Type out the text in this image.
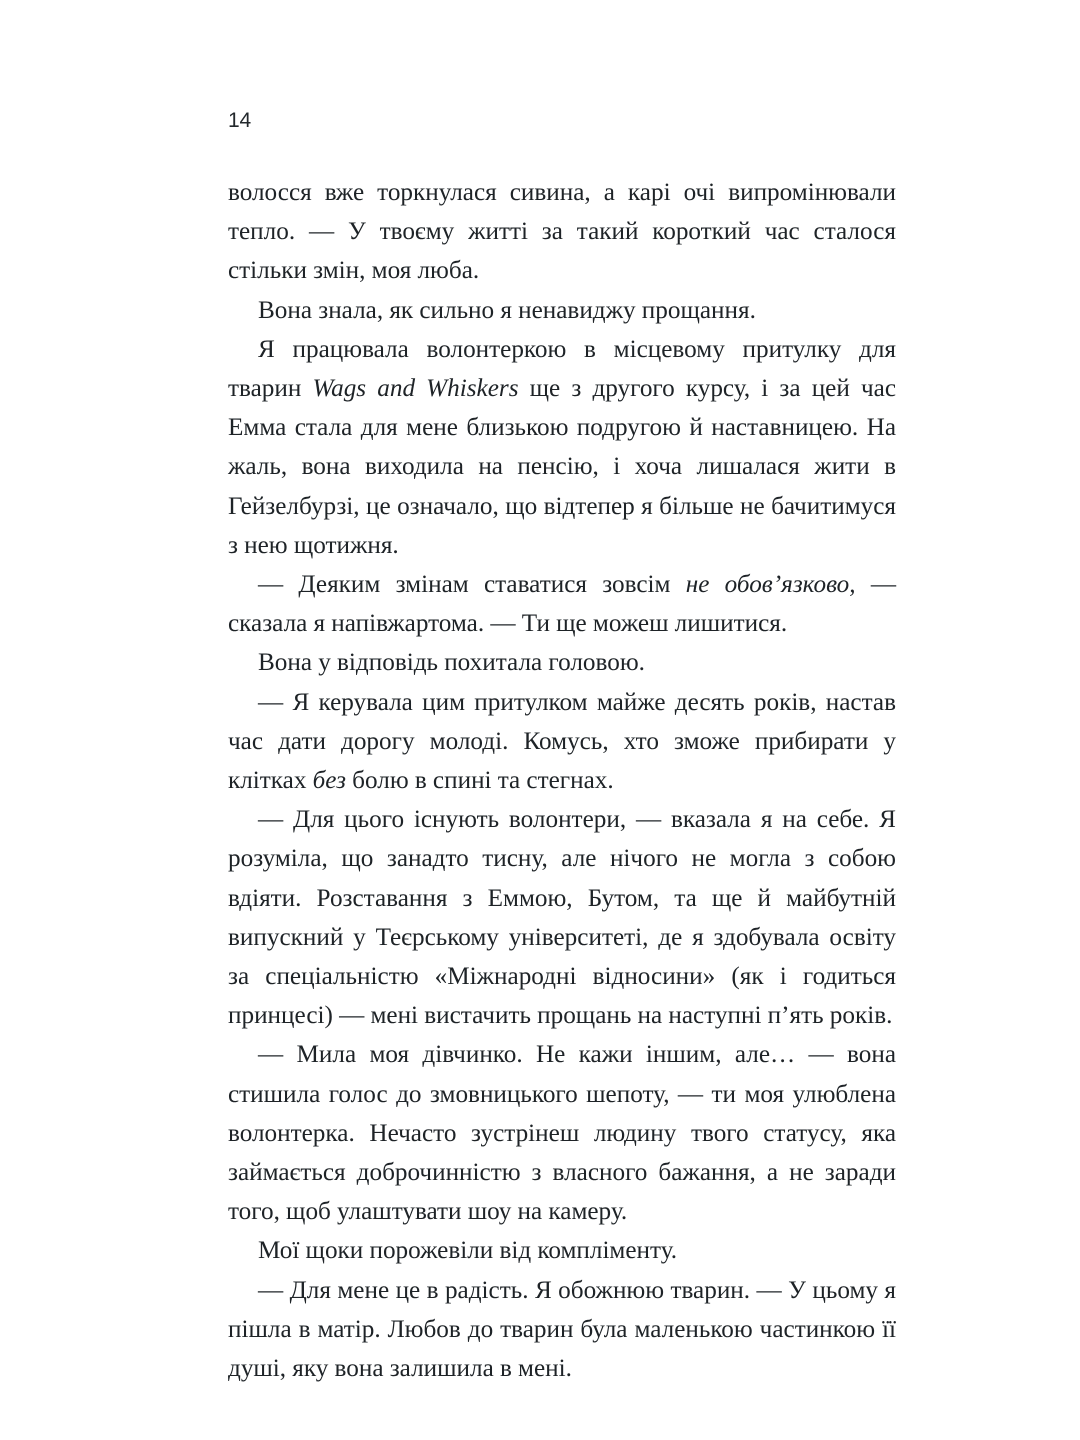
14

волосся вже торкнулася сивина, а карі очі випромінювали тепло. — У твоєму житті за такий короткий час сталося стільки змін, моя люба.

Вона знала, як сильно я ненавиджу прощання.

Я працювала волонтеркою в місцевому притулку для тварин Wags and Whiskers ще з другого курсу, і за цей час Емма стала для мене близькою подругою й наставницею. На жаль, вона виходила на пенсію, і хоча лишалася жити в Гейзелбурзі, це означало, що відтепер я більше не бачитимуся з нею щотижня.

— Деяким змінам ставатися зовсім не обов’язково, — сказала я напівжартома. — Ти ще можеш лишитися.

Вона у відповідь похитала головою.

— Я керувала цим притулком майже десять років, настав час дати дорогу молоді. Комусь, хто зможе прибирати у клітках без болю в спині та стегнах.

— Для цього існують волонтери, — вказала я на себе. Я розуміла, що занадто тисну, але нічого не могла з собою вдіяти. Розставання з Еммою, Бутом, та ще й майбутній випускний у Теєрському університеті, де я здобувала освіту за спеціальністю «Міжнародні відносини» (як і годиться принцесі) — мені вистачить прощань на наступні п’ять років.

— Мила моя дівчинко. Не кажи іншим, але… — вона стишила голос до змовницького шепоту, — ти моя улюблена волонтерка. Нечасто зустрінеш людину твого статусу, яка займається доброчинністю з власного бажання, а не заради того, щоб улаштувати шоу на камеру.

Мої щоки порожевіли від компліменту.

— Для мене це в радість. Я обожнюю тварин. — У цьому я пішла в матір. Любов до тварин була маленькою частинкою її душі, яку вона залишила в мені.
